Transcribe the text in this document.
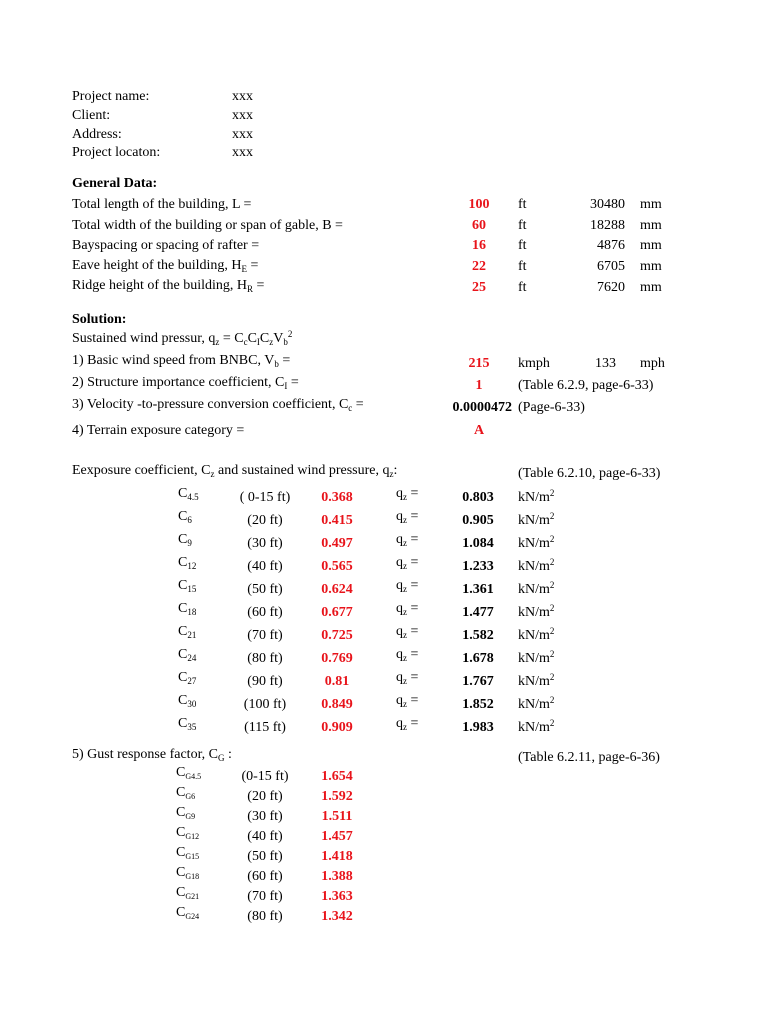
Project name:	xxx
Client:	xxx
Address:	xxx
Project locaton:	xxx
General Data:
Total length of the building, L =	100	ft	30480 mm
Total width of the building or span of gable, B =	60	ft	18288 mm
Bayspacing or spacing of rafter =	16	ft	4876 mm
Eave height of the building, $H_E$ =	22	ft	6705 mm
Ridge height of the building, $H_R$ =	25	ft	7620 mm
Solution:
Sustained wind pressur, $q_z = C_cC_IC_zV_b^2$
1) Basic wind speed from BNBC, $V_b$ =	215	kmph	133 mph
2) Structure importance coefficient, $C_I$ =	1	(Table 6.2.9, page-6-33)
3) Velocity -to-pressure conversion coefficient, $C_c$ =	0.0000472 (Page-6-33)
4) Terrain exposure category =	A
Eexposure coefficient, $C_z$ and sustained wind pressure, $q_z$:	(Table 6.2.10, page-6-33)
$C_{4.5}$	( 0-15 ft)	0.368	$q_z$ =	0.803	$kN/m^2$
$C_6$	(20 ft)	0.415	$q_z$ =	0.905	$kN/m^2$
$C_9$	(30 ft)	0.497	$q_z$ =	1.084	$kN/m^2$
$C_{12}$	(40 ft)	0.565	$q_z$ =	1.233	$kN/m^2$
$C_{15}$	(50 ft)	0.624	$q_z$ =	1.361	$kN/m^2$
$C_{18}$	(60 ft)	0.677	$q_z$ =	1.477	$kN/m^2$
$C_{21}$	(70 ft)	0.725	$q_z$ =	1.582	$kN/m^2$
$C_{24}$	(80 ft)	0.769	$q_z$ =	1.678	$kN/m^2$
$C_{27}$	(90 ft)	0.81	$q_z$ =	1.767	$kN/m^2$
$C_{30}$	(100 ft)	0.849	$q_z$ =	1.852	$kN/m^2$
$C_{35}$	(115 ft)	0.909	$q_z$ =	1.983	$kN/m^2$
5) Gust response factor, $C_G$ :	(Table 6.2.11, page-6-36)
$C_{G4.5}$	(0-15 ft)	1.654
$C_{G6}$	(20 ft)	1.592
$C_{G9}$	(30 ft)	1.511
$C_{G12}$	(40 ft)	1.457
$C_{G15}$	(50 ft)	1.418
$C_{G18}$	(60 ft)	1.388
$C_{G21}$	(70 ft)	1.363
$C_{G24}$	(80 ft)	1.342
